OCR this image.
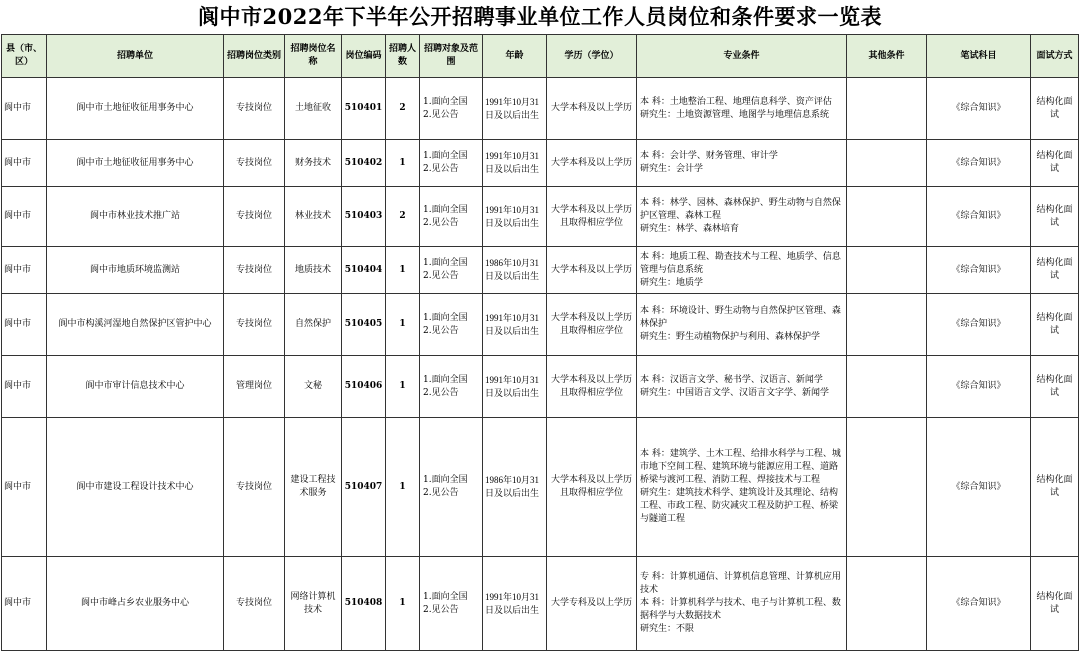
阆中市2022年下半年公开招聘事业单位工作人员岗位和条件要求一览表
县（市、区）	招聘单位	招聘岗位类别	招聘岗位名称	岗位编码	招聘人数	招聘对象及范围	年龄	学历（学位）	专业条件	其他条件	笔试科目	面试方式
阆中市	阆中市土地征收征用事务中心	专技岗位	土地征收	510401	2	1.面向全国
2.见公告	1991年10月31日及以后出生	大学本科及以上学历	本 科：土地整治工程、地理信息科学、资产评估
研究生：土地资源管理、地图学与地理信息系统		《综合知识》	结构化面试
阆中市	阆中市土地征收征用事务中心	专技岗位	财务技术	510402	1	1.面向全国
2.见公告	1991年10月31日及以后出生	大学本科及以上学历	本 科：会计学、财务管理、审计学
研究生：会计学		《综合知识》	结构化面试
阆中市	阆中市林业技术推广站	专技岗位	林业技术	510403	2	1.面向全国
2.见公告	1991年10月31日及以后出生	大学本科及以上学历且取得相应学位	本 科：林学、园林、森林保护、野生动物与自然保护区管理、森林工程
研究生：林学、森林培育		《综合知识》	结构化面试
阆中市	阆中市地质环境监测站	专技岗位	地质技术	510404	1	1.面向全国
2.见公告	1986年10月31日及以后出生	大学本科及以上学历	本 科：地质工程、勘查技术与工程、地质学、信息管理与信息系统
研究生：地质学		《综合知识》	结构化面试
阆中市	阆中市构溪河湿地自然保护区管护中心	专技岗位	自然保护	510405	1	1.面向全国
2.见公告	1991年10月31日及以后出生	大学本科及以上学历且取得相应学位	本 科：环境设计、野生动物与自然保护区管理、森林保护
研究生：野生动植物保护与利用、森林保护学		《综合知识》	结构化面试
阆中市	阆中市审计信息技术中心	管理岗位	文秘	510406	1	1.面向全国
2.见公告	1991年10月31日及以后出生	大学本科及以上学历且取得相应学位	本 科：汉语言文学、秘书学、汉语言、新闻学
研究生：中国语言文学、汉语言文字学、新闻学		《综合知识》	结构化面试
阆中市	阆中市建设工程设计技术中心	专技岗位	建设工程技术服务	510407	1	1.面向全国
2.见公告	1986年10月31日及以后出生	大学本科及以上学历且取得相应学位	本 科：建筑学、土木工程、给排水科学与工程、城市地下空间工程、建筑环境与能源应用工程、道路桥梁与渡河工程、消防工程、焊接技术与工程
研究生：建筑技术科学、建筑设计及其理论、结构工程、市政工程、防灾减灾工程及防护工程、桥梁与隧道工程		《综合知识》	结构化面试
阆中市	阆中市峰占乡农业服务中心	专技岗位	网络计算机技术	510408	1	1.面向全国
2.见公告	1991年10月31日及以后出生	大学专科及以上学历	专 科：计算机通信、计算机信息管理、计算机应用技术
本 科：计算机科学与技术、电子与计算机工程、数据科学与大数据技术
研究生：不限		《综合知识》	结构化面试
